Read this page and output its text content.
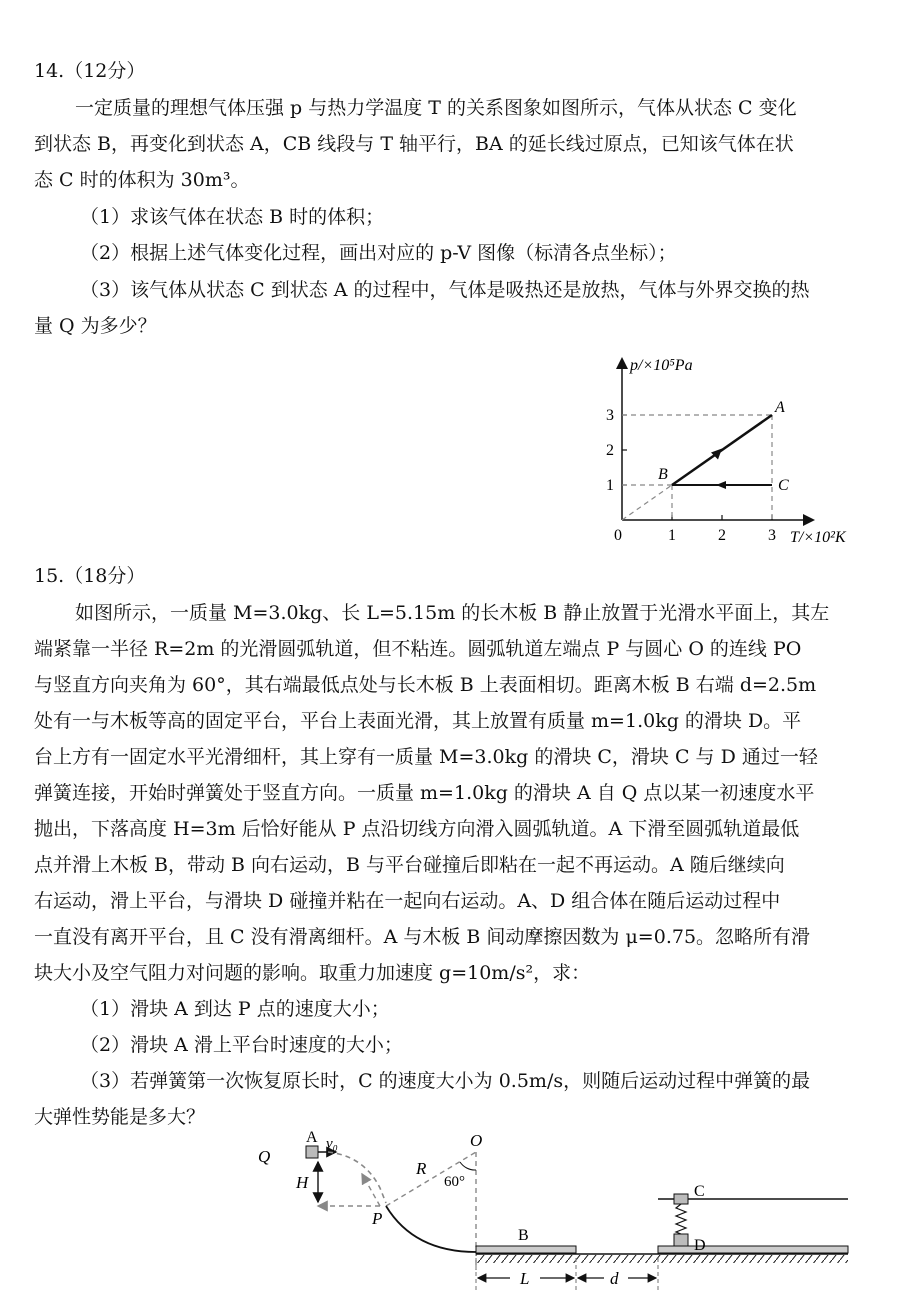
14.（12分）
一定质量的理想气体压强 p 与热力学温度 T 的关系图象如图所示，气体从状态 C 变化
到状态 B，再变化到状态 A，CB 线段与 T 轴平行，BA 的延长线过原点，已知该气体在状
态 C 时的体积为 30m³。
（1）求该气体在状态 B 时的体积；
（2）根据上述气体变化过程，画出对应的 p-V 图像（标清各点坐标）；
（3）该气体从状态 C 到状态 A 的过程中，气体是吸热还是放热，气体与外界交换的热
量 Q 为多少？
p/×10⁵Pa
T/×10²K
0	1	2	3
1
2
3	A
B
C
15.（18分）
如图所示，一质量 M=3.0kg、长 L=5.15m 的长木板 B 静止放置于光滑水平面上，其左
端紧靠一半径 R=2m 的光滑圆弧轨道，但不粘连。圆弧轨道左端点 P 与圆心 O 的连线 PO
与竖直方向夹角为 60°，其右端最低点处与长木板 B 上表面相切。距离木板 B 右端 d=2.5m
处有一与木板等高的固定平台，平台上表面光滑，其上放置有质量 m=1.0kg 的滑块 D。平
台上方有一固定水平光滑细杆，其上穿有一质量 M=3.0kg 的滑块 C，滑块 C 与 D 通过一轻
弹簧连接，开始时弹簧处于竖直方向。一质量 m=1.0kg 的滑块 A 自 Q 点以某一初速度水平
抛出，下落高度 H=3m 后恰好能从 P 点沿切线方向滑入圆弧轨道。A 下滑至圆弧轨道最低
点并滑上木板 B，带动 B 向右运动，B 与平台碰撞后即粘在一起不再运动。A 随后继续向
右运动，滑上平台，与滑块 D 碰撞并粘在一起向右运动。A、D 组合体在随后运动过程中
一直没有离开平台，且 C 没有滑离细杆。A 与木板 B 间动摩擦因数为 μ=0.75。忽略所有滑
块大小及空气阻力对问题的影响。取重力加速度 g=10m/s²，求：
（1）滑块 A 到达 P 点的速度大小；
（2）滑块 A 滑上平台时速度的大小；
（3）若弹簧第一次恢复原长时，C 的速度大小为 0.5m/s，则随后运动过程中弹簧的最
大弹性势能是多大？
A v₀
Q
H
R
O
60°
P
B
C
D
L	d
